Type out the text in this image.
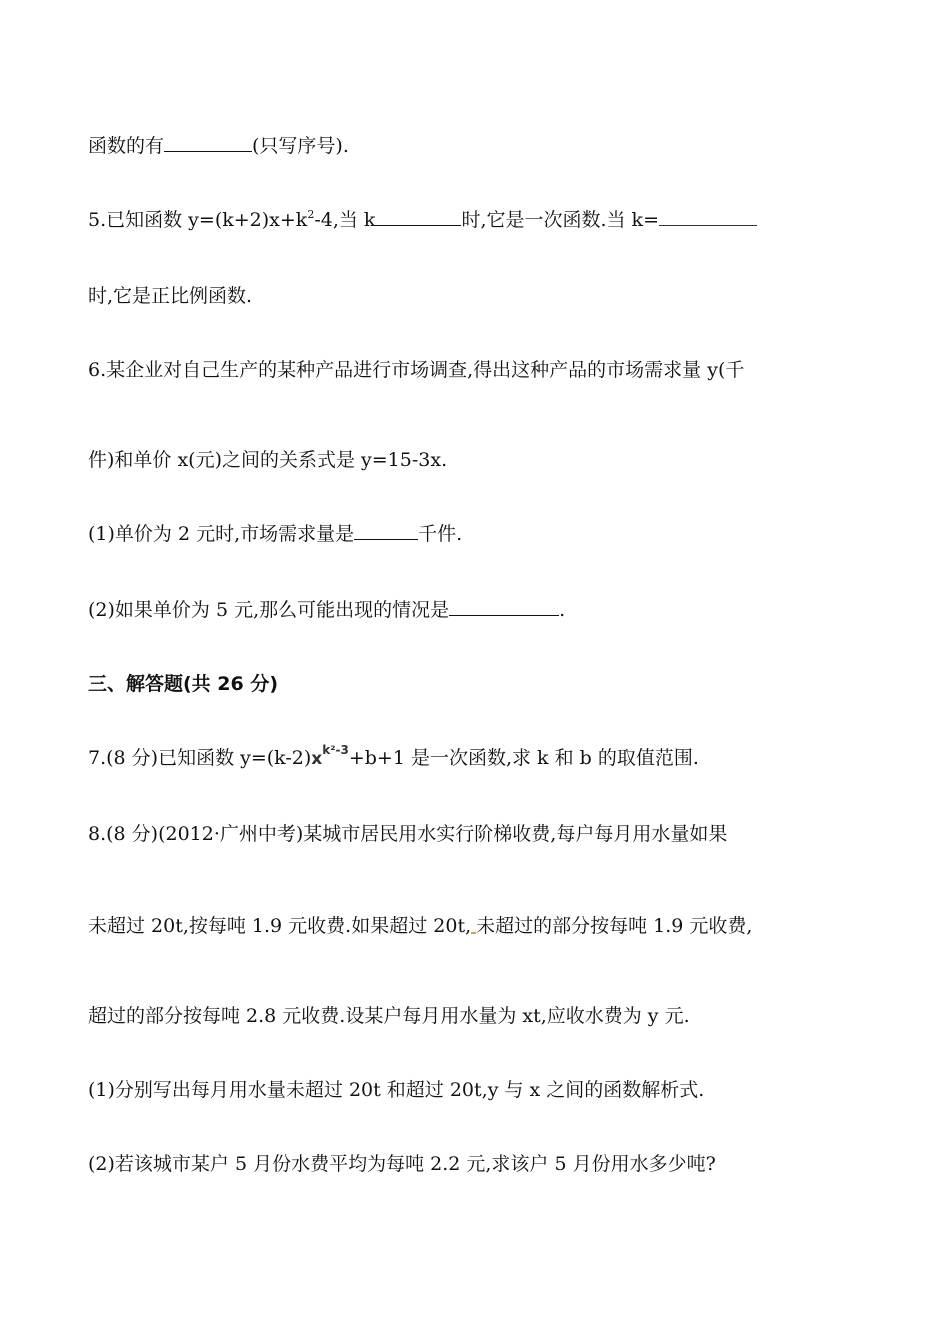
函数的有	(只写序号).
5.已知函数 $y=(k+2)x+k^2-4$,当 k	时,它是一次函数.当 k=
时,它是正比例函数.
6.某企业对自己生产的某种产品进行市场调查,得出这种产品的市场需求量 y(千
件)和单价 x(元)之间的关系式是 y=15-3x.
(1)单价为 2 元时,市场需求量是	千件.
(2)如果单价为 5 元,那么可能出现的情况是	.
三、解答题(共 26 分)
7.(8 分)已知函数 $y=(k-2)x^{k^2-3}+b+1$ 是一次函数,求 k 和 b 的取值范围.
8.(8 分)(2012·广州中考)某城市居民用水实行阶梯收费,每户每月用水量如果
未超过 20t,按每吨 1.9 元收费.如果超过 20t, 未超过的部分按每吨 1.9 元收费,
超过的部分按每吨 2.8 元收费.设某户每月用水量为 xt,应收水费为 y 元.
(1)分别写出每月用水量未超过 20t 和超过 20t,y 与 x 之间的函数解析式.
(2)若该城市某户 5 月份水费平均为每吨 2.2 元,求该户 5 月份用水多少吨?
